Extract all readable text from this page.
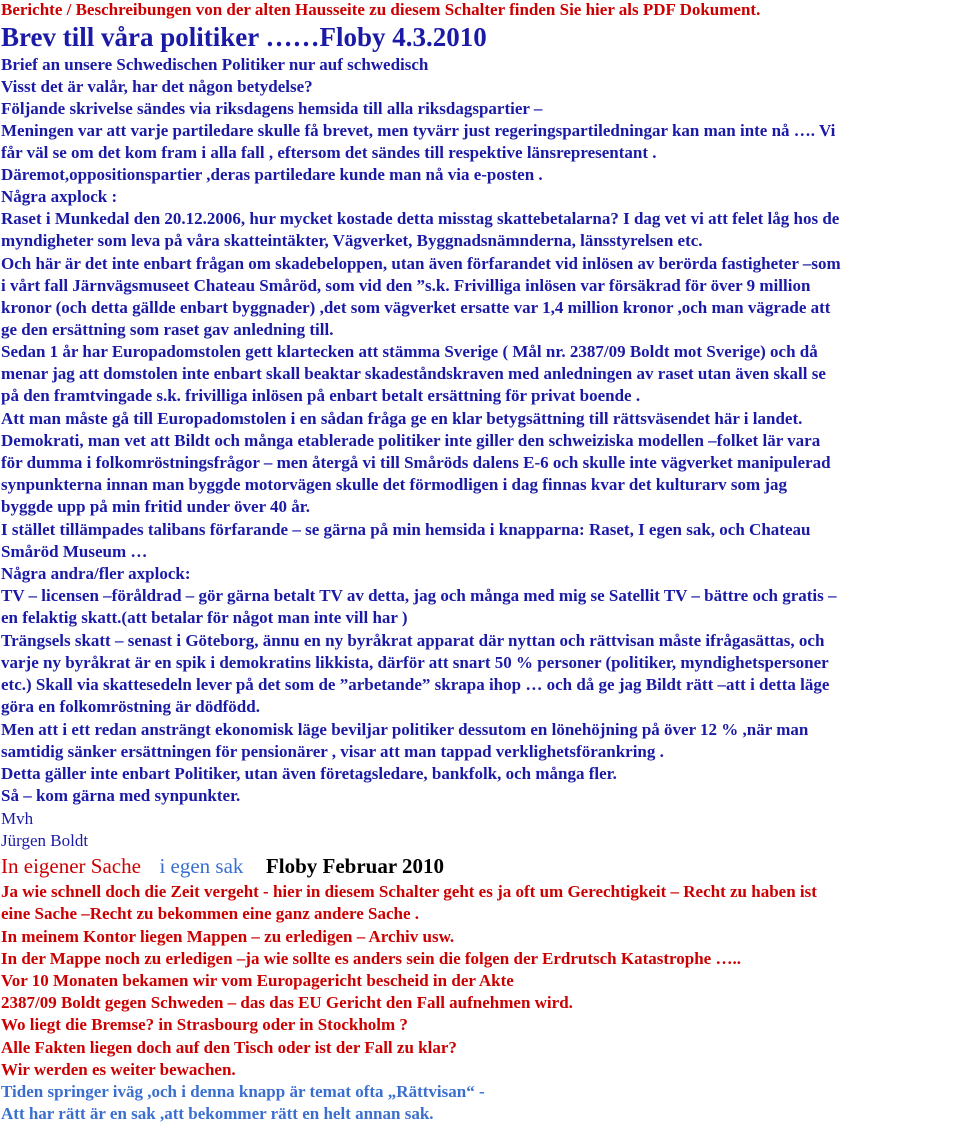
Berichte / Beschreibungen von der alten Hausseite zu diesem Schalter finden Sie hier als PDF Dokument.
Brev till våra politiker ……Floby 4.3.2010
Brief an unsere Schwedischen Politiker nur auf schwedisch
Visst det är valår, har det någon betydelse?
Följande skrivelse sändes via riksdagens hemsida till alla riksdagspartier –
Meningen var att varje partiledare skulle få brevet, men tyvärr just regeringspartiledningar kan man inte nå …. Vi
får väl se om det kom fram i alla fall , eftersom det sändes till respektive länsrepresentant .
Däremot,oppositionspartier ,deras partiledare kunde man nå via e-posten .
Några axplock :
Raset i Munkedal den 20.12.2006, hur mycket kostade detta misstag skattebetalarna? I dag vet vi att felet låg hos de
myndigheter som leva på våra skatteintäkter, Vägverket, Byggnadsnämnderna, länsstyrelsen etc.
Och här är det inte enbart frågan om skadebeloppen, utan även förfarandet vid inlösen av berörda fastigheter –som
i vårt fall Järnvägsmuseet Chateau Småröd, som vid den ”s.k. Frivilliga inlösen var försäkrad för över 9 million
kronor (och detta gällde enbart byggnader) ,det som vägverket ersatte var 1,4 million kronor ,och man vägrade att
ge den ersättning som raset gav anledning till.
Sedan 1 år har Europadomstolen gett klartecken att stämma Sverige ( Mål nr. 2387/09 Boldt mot Sverige) och då
menar jag att domstolen inte enbart skall beaktar skadeståndskraven med anledningen av raset utan även skall se
på den framtvingade s.k. frivilliga inlösen på enbart betalt ersättning för privat boende .
Att man måste gå till Europadomstolen i en sådan fråga ge en klar betygsättning till rättsväsendet här i landet.
Demokrati, man vet att Bildt och många etablerade politiker inte giller den schweiziska modellen –folket lär vara
för dumma i folkomröstningsfrågor – men återgå vi till Småröds dalens E-6 och skulle inte vägverket manipulerad
synpunkterna innan man byggde motorvägen skulle det förmodligen i dag finnas kvar det kulturarv som jag
byggde upp på min fritid under över 40 år.
I stället tillämpades talibans förfarande – se gärna på min hemsida i knapparna: Raset, I egen sak, och Chateau
Småröd Museum …
Några andra/fler axplock:
TV – licensen –föråldrad – gör gärna betalt TV av detta, jag och många med mig se Satellit TV – bättre och gratis –
en felaktig skatt.(att betalar för något man inte vill har )
Trängsels skatt – senast i Göteborg, ännu en ny byråkrat apparat där nyttan och rättvisan måste ifrågasättas, och
varje ny byråkrat är en spik i demokratins likkista, därför att snart 50 % personer (politiker, myndighetspersoner
etc.) Skall via skattesedeln lever på det som de ”arbetande” skrapa ihop … och då ge jag Bildt rätt –att i detta läge
göra en folkomröstning är dödfödd.
Men att i ett redan ansträngt ekonomisk läge beviljar politiker dessutom en lönehöjning på över 12 % ,när man
samtidig sänker ersättningen för pensionärer , visar att man tappad verklighetsförankring .
Detta gäller inte enbart Politiker, utan även företagsledare, bankfolk, och många fler.
Så – kom gärna med synpunkter.
Mvh
Jürgen Boldt
In eigener Sache i egen sak Floby Februar 2010
Ja wie schnell doch die Zeit vergeht - hier in diesem Schalter geht es ja oft um Gerechtigkeit – Recht zu haben ist
eine Sache –Recht zu bekommen eine ganz andere Sache .
In meinem Kontor liegen Mappen – zu erledigen – Archiv usw.
In der Mappe noch zu erledigen –ja wie sollte es anders sein die folgen der Erdrutsch Katastrophe …..
Vor 10 Monaten bekamen wir vom Europagericht bescheid in der Akte
2387/09 Boldt gegen Schweden – das das EU Gericht den Fall aufnehmen wird.
Wo liegt die Bremse? in Strasbourg oder in Stockholm ?
Alle Fakten liegen doch auf den Tisch oder ist der Fall zu klar?
Wir werden es weiter bewachen.
Tiden springer iväg ,och i denna knapp är temat ofta „Rättvisan“ -
Att har rätt är en sak ,att bekommer rätt en helt annan sak.
